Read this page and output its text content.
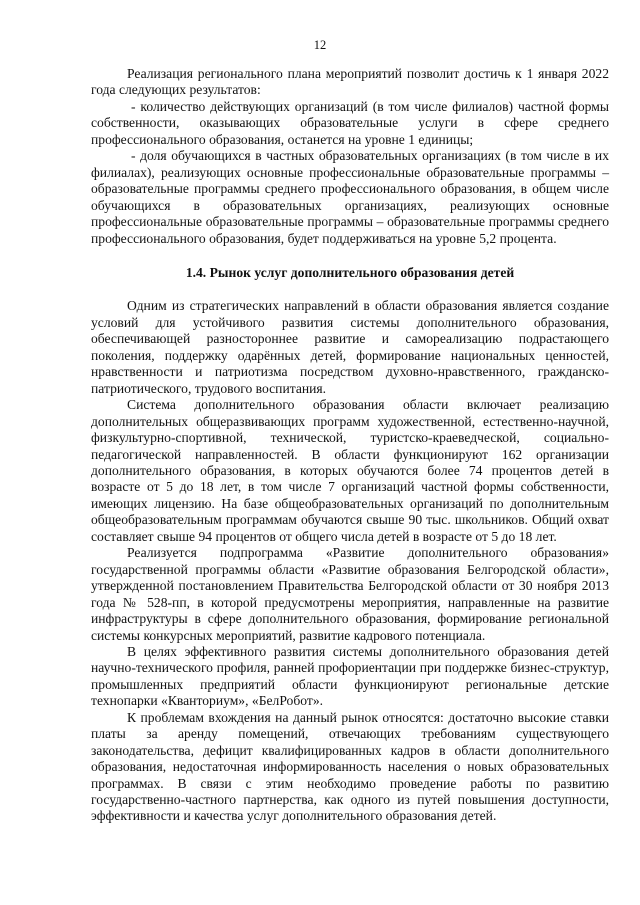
12

Реализация регионального плана мероприятий позволит достичь к 1 января 2022 года следующих результатов:

- количество действующих организаций (в том числе филиалов) частной формы собственности, оказывающих образовательные услуги в сфере среднего профессионального образования, останется на уровне 1 единицы;

- доля обучающихся в частных образовательных организациях (в том числе в их филиалах), реализующих основные профессиональные образовательные программы – образовательные программы среднего профессионального образования, в общем числе обучающихся в образовательных организациях, реализующих основные профессиональные образовательные программы – образовательные программы среднего профессионального образования, будет поддерживаться на уровне 5,2 процента.

1.4. Рынок услуг дополнительного образования детей

Одним из стратегических направлений в области образования является создание условий для устойчивого развития системы дополнительного образования, обеспечивающей разностороннее развитие и самореализацию подрастающего поколения, поддержку одарённых детей, формирование национальных ценностей, нравственности и патриотизма посредством духовно-нравственного, гражданско-патриотического, трудового воспитания.

Система дополнительного образования области включает реализацию дополнительных общеразвивающих программ художественной, естественно-научной, физкультурно-спортивной, технической, туристско-краеведческой, социально-педагогической направленностей. В области функционируют 162 организации дополнительного образования, в которых обучаются более 74 процентов детей в возрасте от 5 до 18 лет, в том числе 7 организаций частной формы собственности, имеющих лицензию. На базе общеобразовательных организаций по дополнительным общеобразовательным программам обучаются свыше 90 тыс. школьников. Общий охват составляет свыше 94 процентов от общего числа детей в возрасте от 5 до 18 лет.

Реализуется подпрограмма «Развитие дополнительного образования» государственной программы области «Развитие образования Белгородской области», утвержденной постановлением Правительства Белгородской области от 30 ноября 2013 года № 528-пп, в которой предусмотрены мероприятия, направленные на развитие инфраструктуры в сфере дополнительного образования, формирование региональной системы конкурсных мероприятий, развитие кадрового потенциала.

В целях эффективного развития системы дополнительного образования детей научно-технического профиля, ранней профориентации при поддержке бизнес-структур, промышленных предприятий области функционируют региональные детские технопарки «Кванториум», «БелРобот».

К проблемам вхождения на данный рынок относятся: достаточно высокие ставки платы за аренду помещений, отвечающих требованиям существующего законодательства, дефицит квалифицированных кадров в области дополнительного образования, недостаточная информированность населения о новых образовательных программах. В связи с этим необходимо проведение работы по развитию государственно-частного партнерства, как одного из путей повышения доступности, эффективности и качества услуг дополнительного образования детей.
